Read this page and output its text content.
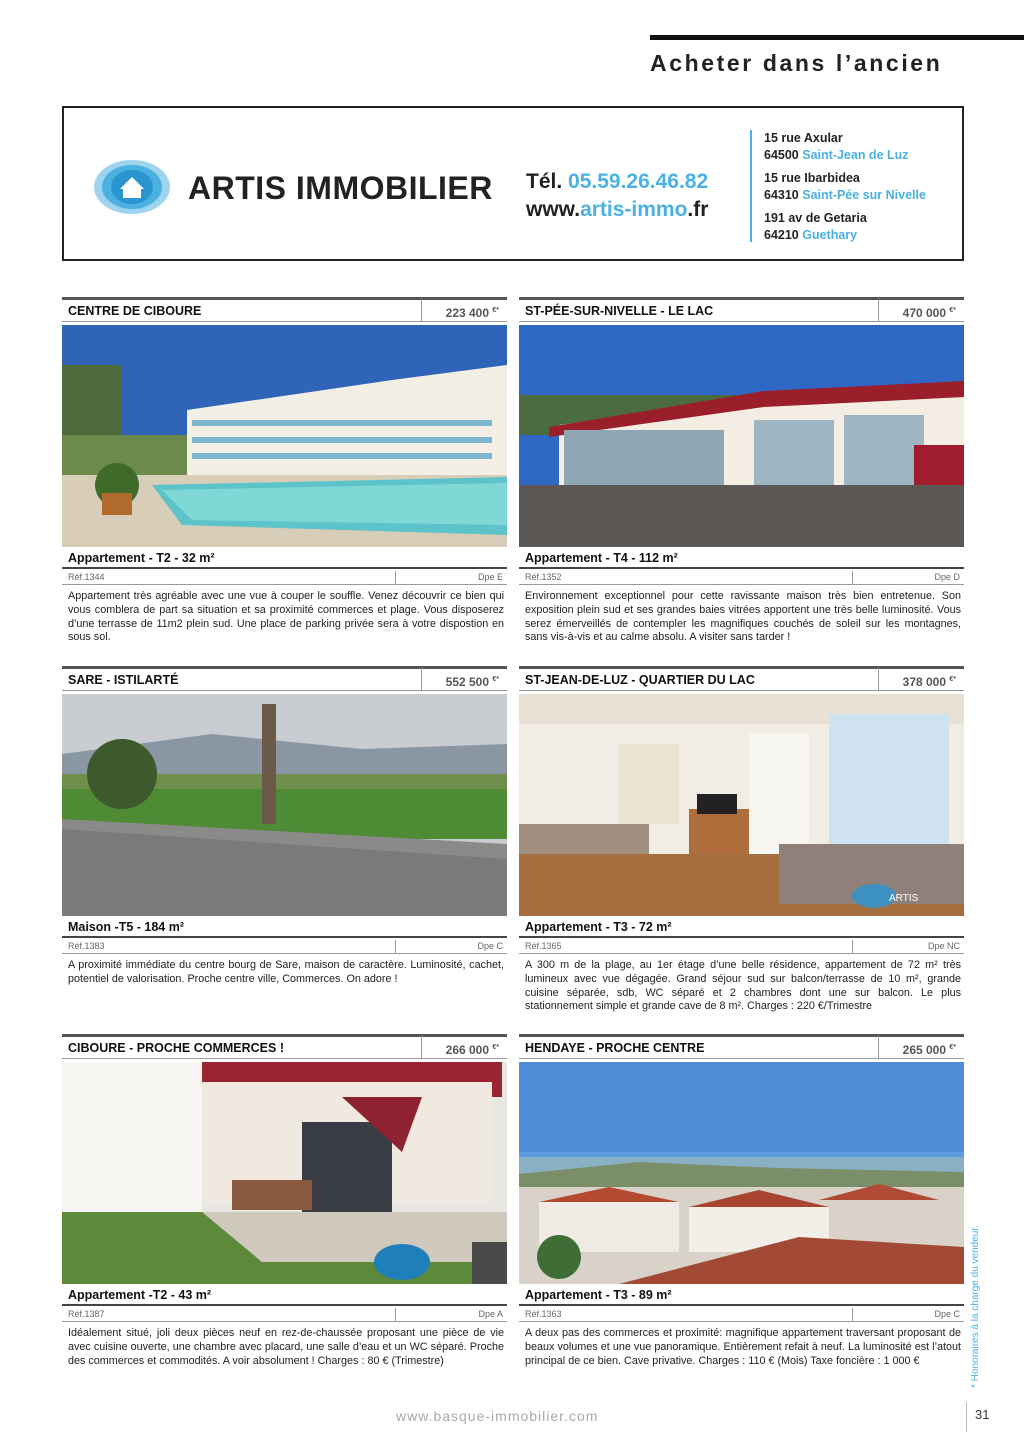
Acheter dans l’ancien
ARTIS IMMOBILIER Tél. 05.59.26.46.82
www.artis-immo.fr
15 rue Axular
64500 Saint-Jean de Luz
15 rue Ibarbidea
64310 Saint-Pée sur Nivelle
191 av de Getaria
64210 Guethary
CENTRE DE CIBOURE	223 400 €*
Appartement - T2 - 32 m²
Réf.1344	Dpe E
Appartement très agréable avec une vue à couper le souffle. Venez découvrir ce bien qui vous comblera de part sa situation et sa proximité commerces et plage. Vous disposerez d’une terrasse de 11m2 plein sud. Une place de parking privée sera à votre dispostion en sous sol.
ST-PÉE-SUR-NIVELLE - LE LAC	470 000 €*
Appartement - T4 - 112 m²
Réf.1352	Dpe D
Environnement exceptionnel pour cette ravissante maison très bien entretenue. Son exposition plein sud et ses grandes baies vitrées apportent une très belle luminosité. Vous serez émerveillés de contempler les magnifiques couchés de soleil sur les montagnes, sans vis-à-vis et au calme absolu. A visiter sans tarder !
SARE - ISTILARTÉ	552 500 €*
Maison -T5 - 184 m²
Réf.1383	Dpe C
A proximité immédiate du centre bourg de Sare, maison de caractère. Luminosité, cachet, potentiel de valorisation. Proche centre ville, Commerces. On adore !
ST-JEAN-DE-LUZ - QUARTIER DU LAC	378 000 €*
ARTIS
Appartement - T3 - 72 m²
Réf.1365	Dpe NC
A 300 m de la plage, au 1er étage d’une belle résidence, appartement de 72 m² très lumineux avec vue dégagée. Grand séjour sud sur balcon/terrasse de 10 m², grande cuisine séparée, sdb, WC séparé et 2 chambres dont une sur balcon. Le plus stationnement simple et grande cave de 8 m². Charges : 220 €/Trimestre
CIBOURE - PROCHE COMMERCES !	266 000 €*
Appartement -T2 - 43 m²
Réf.1387	Dpe A
Idéalement situé, joli deux pièces neuf en rez-de-chaussée proposant une pièce de vie avec cuisine ouverte, une chambre avec placard, une salle d’eau et un WC séparé. Proche des commerces et commodités. A voir absolument ! Charges : 80 € (Trimestre)
HENDAYE - PROCHE CENTRE	265 000 €*
Appartement - T3 - 89 m²
Réf.1363	Dpe C
A deux pas des commerces et proximité: magnifique appartement traversant proposant de beaux volumes et une vue panoramique. Entièrement refait à neuf. La luminosité est l’atout principal de ce bien. Cave privative. Charges : 110 € (Mois) Taxe foncière : 1 000 €	* Honoraires à la charge du vendeur.
www.basque-immobilier.com	31
